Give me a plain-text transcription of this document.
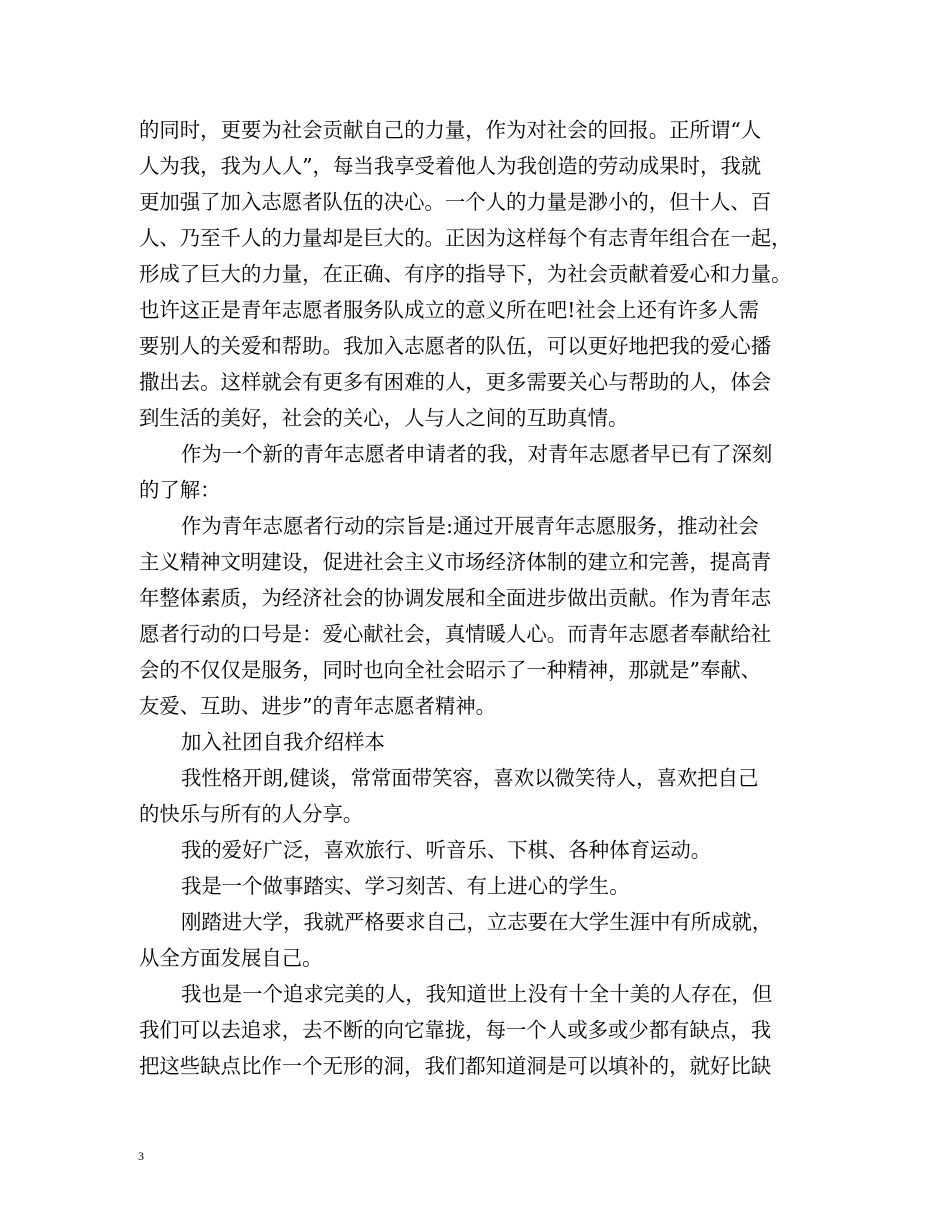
的同时，更要为社会贡献自己的力量，作为对社会的回报。正所谓“人
人为我，我为人人”，每当我享受着他人为我创造的劳动成果时，我就
更加强了加入志愿者队伍的决心。一个人的力量是渺小的，但十人、百
人、乃至千人的力量却是巨大的。正因为这样每个有志青年组合在一起，
形成了巨大的力量，在正确、有序的指导下，为社会贡献着爱心和力量。
也许这正是青年志愿者服务队成立的意义所在吧!社会上还有许多人需
要别人的关爱和帮助。我加入志愿者的队伍，可以更好地把我的爱心播
撒出去。这样就会有更多有困难的人，更多需要关心与帮助的人，体会
到生活的美好，社会的关心，人与人之间的互助真情。
作为一个新的青年志愿者申请者的我，对青年志愿者早已有了深刻
的了解：
作为青年志愿者行动的宗旨是:通过开展青年志愿服务，推动社会
主义精神文明建设，促进社会主义市场经济体制的建立和完善，提高青
年整体素质，为经济社会的协调发展和全面进步做出贡献。作为青年志
愿者行动的口号是：爱心献社会，真情暖人心。而青年志愿者奉献给社
会的不仅仅是服务，同时也向全社会昭示了一种精神，那就是”奉献、
友爱、互助、进步”的青年志愿者精神。
加入社团自我介绍样本
我性格开朗,健谈，常常面带笑容，喜欢以微笑待人，喜欢把自己
的快乐与所有的人分享。
我的爱好广泛，喜欢旅行、听音乐、下棋、各种体育运动。
我是一个做事踏实、学习刻苦、有上进心的学生。
刚踏进大学，我就严格要求自己，立志要在大学生涯中有所成就，
从全方面发展自己。
我也是一个追求完美的人，我知道世上没有十全十美的人存在，但
我们可以去追求，去不断的向它靠拢，每一个人或多或少都有缺点，我
把这些缺点比作一个无形的洞，我们都知道洞是可以填补的，就好比缺
3
